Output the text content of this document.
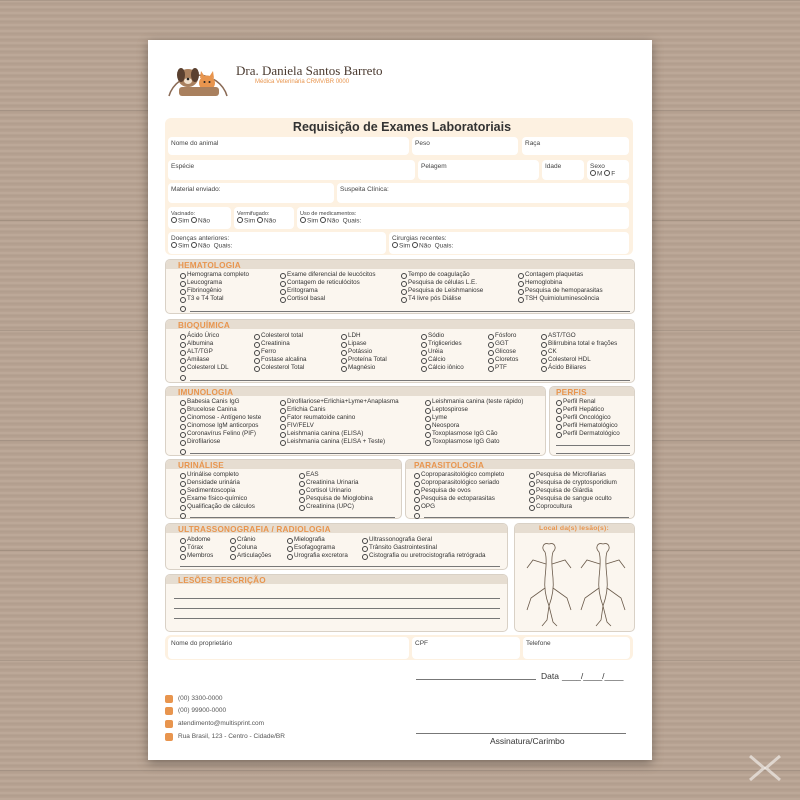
Dra. Daniela Santos Barreto
Médica Veterinária CRMV/BR 0000
Requisição de Exames Laboratoriais
Nome do animal	Peso	Raça
Espécie	Pelagem	Idade	Sexo
M F
Material enviado:	Suspeita Clínica:
Vacinado:
Sim Não
Vermifugado:
Sim Não
Uso de medicamentos:
Sim Não Quais:
Doenças anteriores:
Sim Não Quais:
Cirurgias recentes:
Sim Não Quais:
HEMATOLOGIA
Hemograma completo
Leucograma
Fibrinogênio
T3 e T4 Total
Exame diferencial de leucócitos
Contagem de reticulócitos
Eritograma
Cortisol basal
Tempo de coagulação
Pesquisa de células L.E.
Pesquisa de Leishmaniose
T4 livre pós Diálise
Contagem plaquetas
Hemoglobina
Pesquisa de hemoparasitas
TSH Quimioluminescência
BIOQUÍMICA
Ácido Úrico
Albumina
ALT/TGP
Amilase
Colesterol LDL
Colesterol total
Creatinina
Ferro
Fostase alcalina
Colesterol Total
LDH
Lipase
Potássio
Proteína Total
Magnésio
Sódio
Triglicerides
Uréia
Cálcio
Cálcio iônico
Fósforo
GGT
Glicose
Cloretos
PTF
AST/TGO
Bilirrubina total e frações
CK
Colesterol HDL
Ácido Biliares
IMUNOLOGIA
Babesia Canis IgG
Brucelose Canina
Cinomose - Antígeno teste
Cinomose IgM anticorpos
Coronavírus Felino (PIF)
Dirofilariose
Dirofilariose+Erlichia+Lyme+Anaplasma
Erlichia Canis
Fator reumatoide canino
FIV/FELV
Leishmania canina (ELISA)
Leishmania canina (ELISA + Teste)
Leishmania canina (teste rápido)
Leptospirose
Lyme
Neospora
Toxoplasmose IgG Cão
Toxoplasmose IgG Gato
PERFIS
Perfil Renal
Perfil Hepático
Perfil Oncológico
Perfil Hematológico
Perfil Dermatológico
URINÁLISE
Urinálise completo
Densidade urinária
Sedimentoscopia
Exame físico-químico
Qualificação de cálculos
EAS
Creatinina Urinaria
Cortisol Urinario
Pesquisa de Mioglobina
Creatinina (UPC)
PARASITOLOGIA
Coproparasitológico completo
Coproparasitológico seriado
Pesquisa de ovos
Pesquisa de ectoparasitas
OPG
Pesquisa de Microfilarias
Pesquisa de cryptosporidium
Pesquisa de Giárdia
Pesquisa de sangue oculto
Coprocultura
ULTRASSONOGRAFIA / RADIOLOGIA
Abdome
Tórax
Membros
Crânio
Coluna
Articulações
Mielografia
Esofagograma
Urografia excretora
Ultrassonografia Geral
Trânsito Gastrointestinal
Cistografia ou uretrocistografia retrógrada
LESÕES DESCRIÇÃO
Local da(s) lesão(s):
Nome do proprietário	CPF	Telefone
Data ____/____/____
Assinatura/Carimbo
(00) 3300-0000
(00) 99900-0000
atendimento@multisprint.com
Rua Brasil, 123 - Centro - Cidade/BR
